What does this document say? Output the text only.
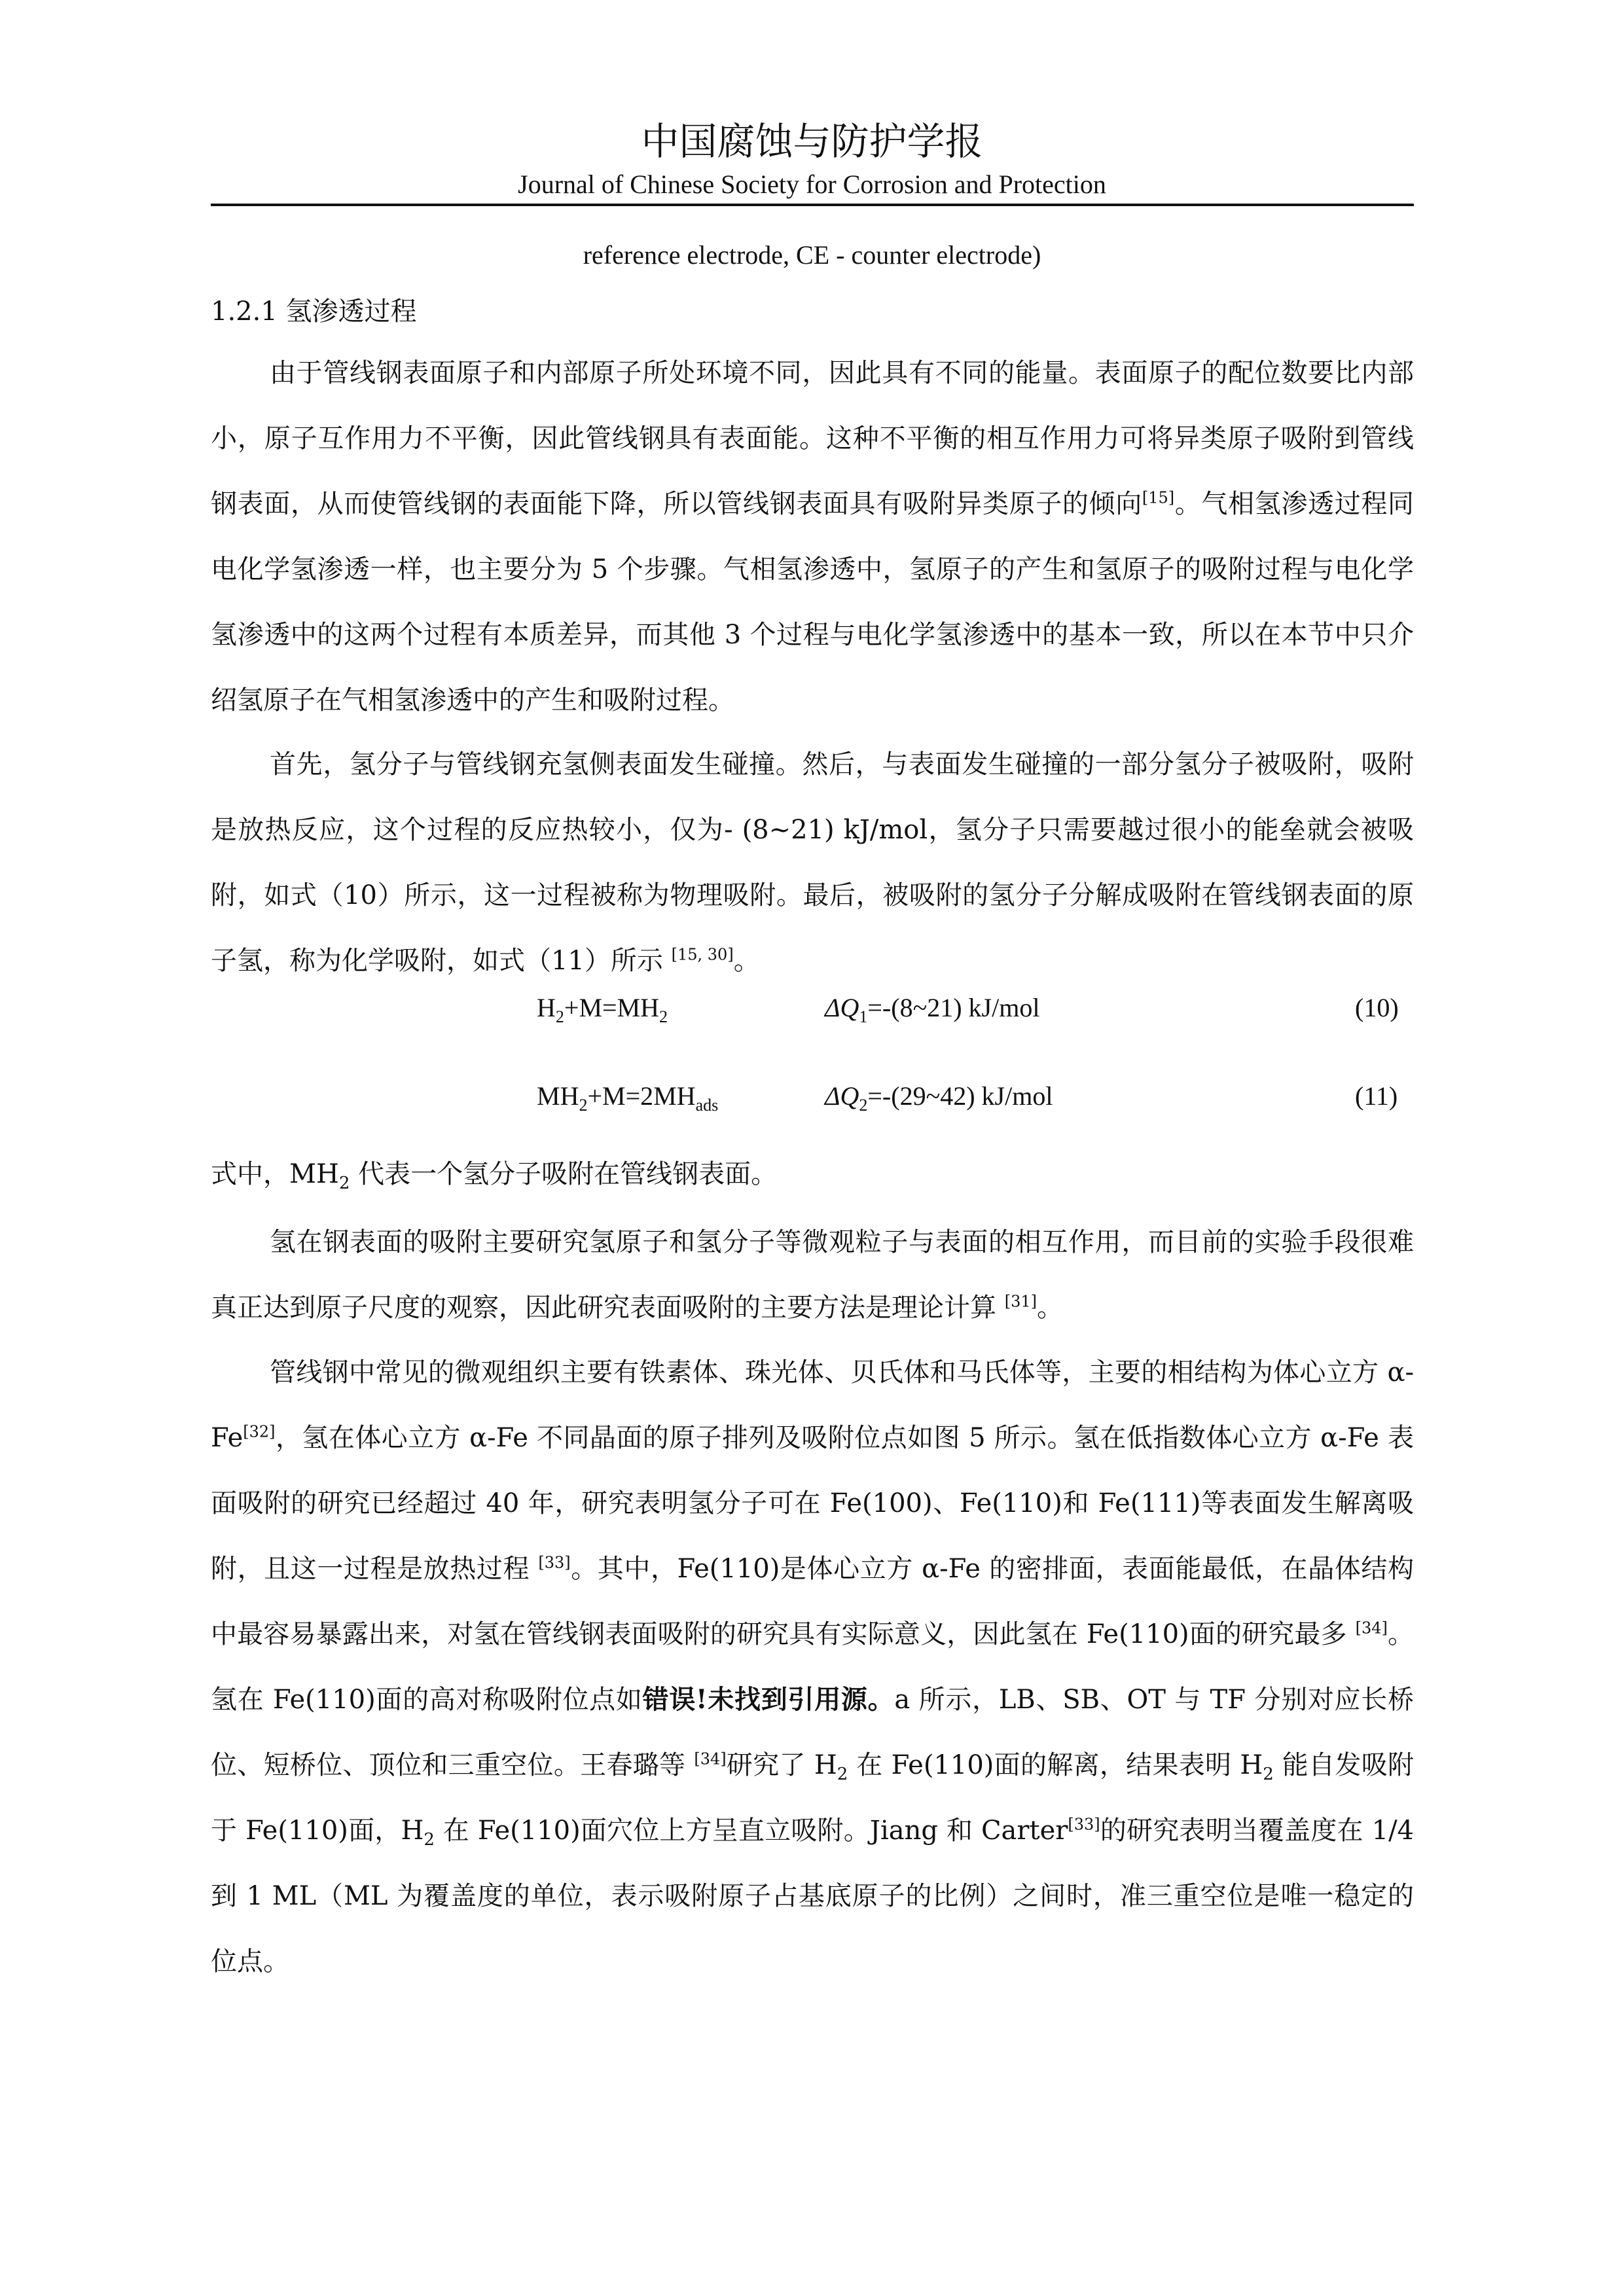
中国腐蚀与防护学报
Journal of Chinese Society for Corrosion and Protection
reference electrode, CE - counter electrode)
1.2.1 氢渗透过程
由于管线钢表面原子和内部原子所处环境不同，因此具有不同的能量。表面原子的配位数要比内部小，原子互作用力不平衡，因此管线钢具有表面能。这种不平衡的相互作用力可将异类原子吸附到管线钢表面，从而使管线钢的表面能下降，所以管线钢表面具有吸附异类原子的倾向[15]。气相氢渗透过程同电化学氢渗透一样，也主要分为 5 个步骤。气相氢渗透中，氢原子的产生和氢原子的吸附过程与电化学氢渗透中的这两个过程有本质差异，而其他 3 个过程与电化学氢渗透中的基本一致，所以在本节中只介绍氢原子在气相氢渗透中的产生和吸附过程。
首先，氢分子与管线钢充氢侧表面发生碰撞。然后，与表面发生碰撞的一部分氢分子被吸附，吸附是放热反应，这个过程的反应热较小，仅为- (8~21) kJ/mol，氢分子只需要越过很小的能垒就会被吸附，如式（10）所示，这一过程被称为物理吸附。最后，被吸附的氢分子分解成吸附在管线钢表面的原子氢，称为化学吸附，如式（11）所示 [15, 30]。
$H_2+M=MH_2$	$\Delta Q_1=-(8\sim 21)$ kJ/mol	(10)
$MH_2+M=2MH_{ads}$	$\Delta Q_2=-(29\sim 42)$ kJ/mol	(11)
式中，$MH_2$ 代表一个氢分子吸附在管线钢表面。
氢在钢表面的吸附主要研究氢原子和氢分子等微观粒子与表面的相互作用，而目前的实验手段很难真正达到原子尺度的观察，因此研究表面吸附的主要方法是理论计算 [31]。
管线钢中常见的微观组织主要有铁素体、珠光体、贝氏体和马氏体等，主要的相结构为体心立方 α-Fe[32]，氢在体心立方 α-Fe 不同晶面的原子排列及吸附位点如图 5 所示。氢在低指数体心立方 α-Fe 表面吸附的研究已经超过 40 年，研究表明氢分子可在 Fe(100)、Fe(110)和 Fe(111)等表面发生解离吸附，且这一过程是放热过程 [33]。其中，Fe(110)是体心立方 α-Fe 的密排面，表面能最低，在晶体结构中最容易暴露出来，对氢在管线钢表面吸附的研究具有实际意义，因此氢在 Fe(110)面的研究最多 [34]。氢在 Fe(110)面的高对称吸附位点如错误!未找到引用源。a 所示，LB、SB、OT 与 TF 分别对应长桥位、短桥位、顶位和三重空位。王春璐等 [34]研究了 $H_2$ 在 Fe(110)面的解离，结果表明 $H_2$ 能自发吸附于 Fe(110)面，$H_2$ 在 Fe(110)面穴位上方呈直立吸附。Jiang 和 Carter[33]的研究表明当覆盖度在 1/4 到 1 ML（ML 为覆盖度的单位，表示吸附原子占基底原子的比例）之间时，准三重空位是唯一稳定的位点。
